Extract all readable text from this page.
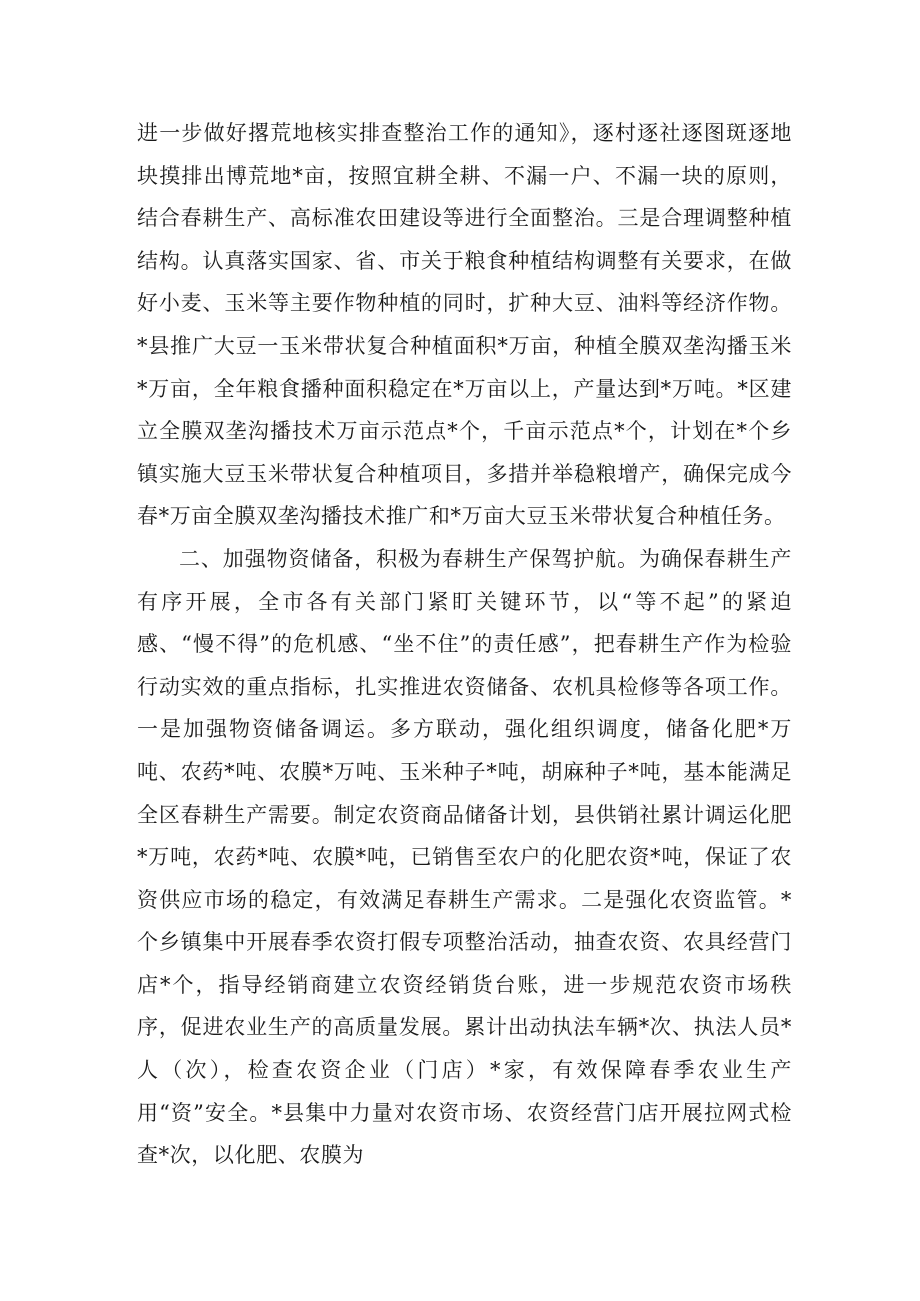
进一步做好撂荒地核实排查整治工作的通知》，逐村逐社逐图斑逐地块摸排出博荒地*亩，按照宜耕全耕、不漏一户、不漏一块的原则，结合春耕生产、高标准农田建设等进行全面整治。三是合理调整种植结构。认真落实国家、省、市关于粮食种植结构调整有关要求，在做好小麦、玉米等主要作物种植的同时，扩种大豆、油料等经济作物。*县推广大豆一玉米带状复合种植面积*万亩，种植全膜双垄沟播玉米*万亩，全年粮食播种面积稳定在*万亩以上，产量达到*万吨。*区建立全膜双垄沟播技术万亩示范点*个，千亩示范点*个，计划在*个乡镇实施大豆玉米带状复合种植项目，多措并举稳粮增产，确保完成今春*万亩全膜双垄沟播技术推广和*万亩大豆玉米带状复合种植任务。

二、加强物资储备，积极为春耕生产保驾护航。为确保春耕生产有序开展，全市各有关部门紧盯关键环节，以“等不起”的紧迫感、“慢不得”的危机感、“坐不住”的责任感”，把春耕生产作为检验行动实效的重点指标，扎实推进农资储备、农机具检修等各项工作。一是加强物资储备调运。多方联动，强化组织调度，储备化肥*万吨、农药*吨、农膜*万吨、玉米种子*吨，胡麻种子*吨，基本能满足全区春耕生产需要。制定农资商品储备计划，县供销社累计调运化肥*万吨，农药*吨、农膜*吨，已销售至农户的化肥农资*吨，保证了农资供应市场的稳定，有效满足春耕生产需求。二是强化农资监管。*个乡镇集中开展春季农资打假专项整治活动，抽查农资、农具经营门店*个，指导经销商建立农资经销货台账，进一步规范农资市场秩序，促进农业生产的高质量发展。累计出动执法车辆*次、执法人员*人（次），检查农资企业（门店）*家，有效保障春季农业生产用“资”安全。*县集中力量对农资市场、农资经营门店开展拉网式检查*次，以化肥、农膜为
